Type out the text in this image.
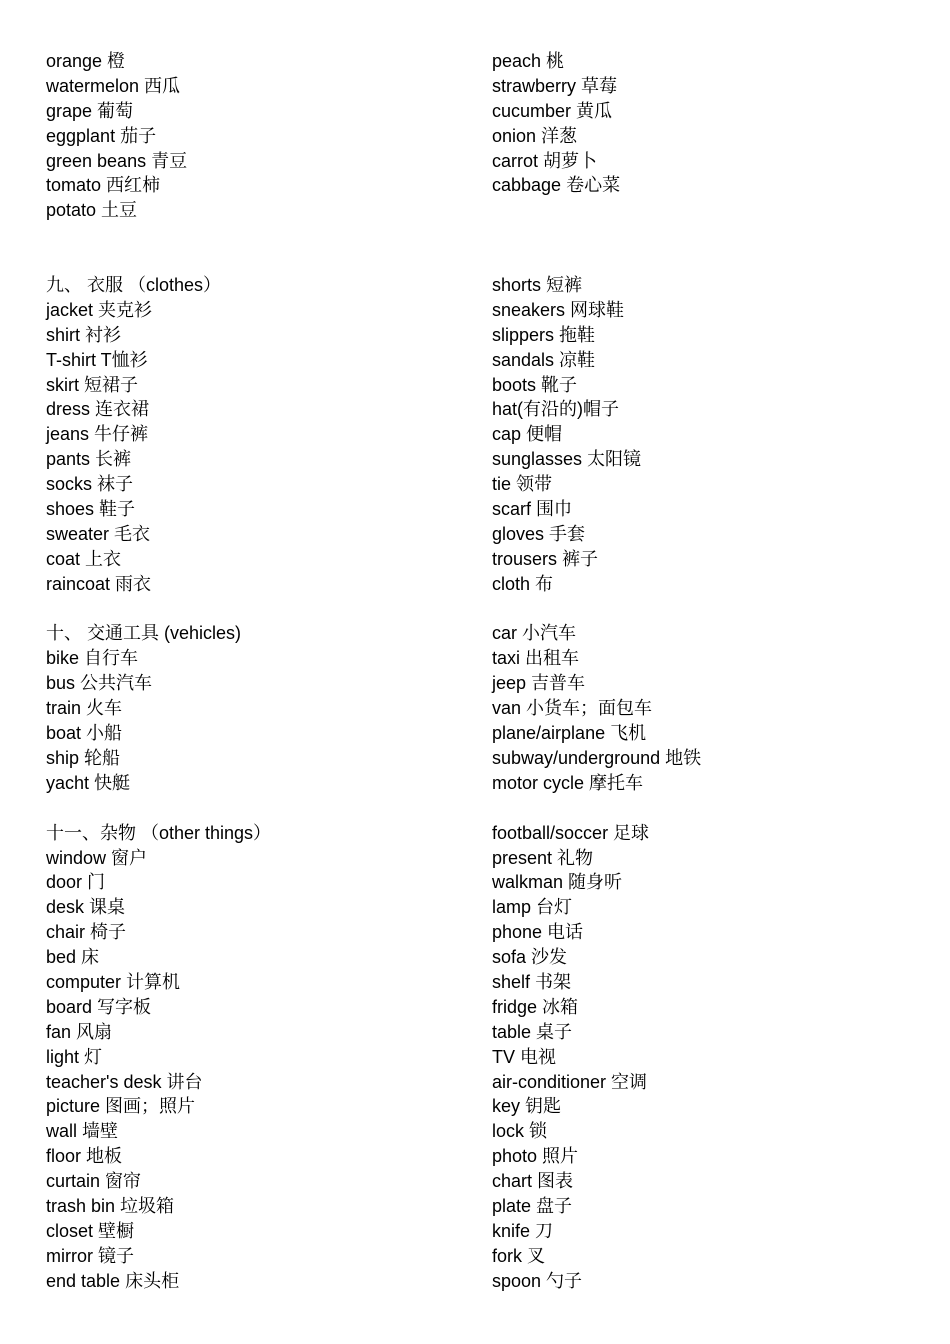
orange 橙
watermelon 西瓜
grape 葡萄
eggplant 茄子
green beans 青豆
tomato 西红柿
potato 土豆
九、 衣服 （clothes）
jacket 夹克衫
shirt 衬衫
T-shirt T恤衫
skirt 短裙子
dress 连衣裙
jeans 牛仔裤
pants 长裤
socks 袜子
shoes 鞋子
sweater 毛衣
coat 上衣
raincoat 雨衣
十、 交通工具 (vehicles)
bike 自行车
bus 公共汽车
train 火车
boat 小船
ship 轮船
yacht 快艇
十一、杂物 （other things）
window 窗户
door 门
desk 课桌
chair 椅子
bed 床
computer 计算机
board 写字板
fan 风扇
light 灯
teacher's desk 讲台
picture 图画；照片
wall 墙壁
floor 地板
curtain 窗帘
trash bin 垃圾箱
closet 壁橱
mirror 镜子
end table 床头柜
peach 桃
strawberry 草莓
cucumber 黄瓜
onion 洋葱
carrot 胡萝卜
cabbage 卷心菜
shorts 短裤
sneakers 网球鞋
slippers 拖鞋
sandals 凉鞋
boots 靴子
hat(有沿的)帽子
cap 便帽
sunglasses 太阳镜
tie 领带
scarf 围巾
gloves 手套
trousers 裤子
cloth 布
car 小汽车
taxi 出租车
jeep 吉普车
van 小货车；面包车
plane/airplane 飞机
subway/underground 地铁
motor cycle 摩托车
football/soccer 足球
present 礼物
walkman 随身听
lamp 台灯
phone 电话
sofa 沙发
shelf 书架
fridge 冰箱
table 桌子
TV 电视
air-conditioner 空调
key 钥匙
lock 锁
photo 照片
chart 图表
plate 盘子
knife 刀
fork 叉
spoon 勺子
